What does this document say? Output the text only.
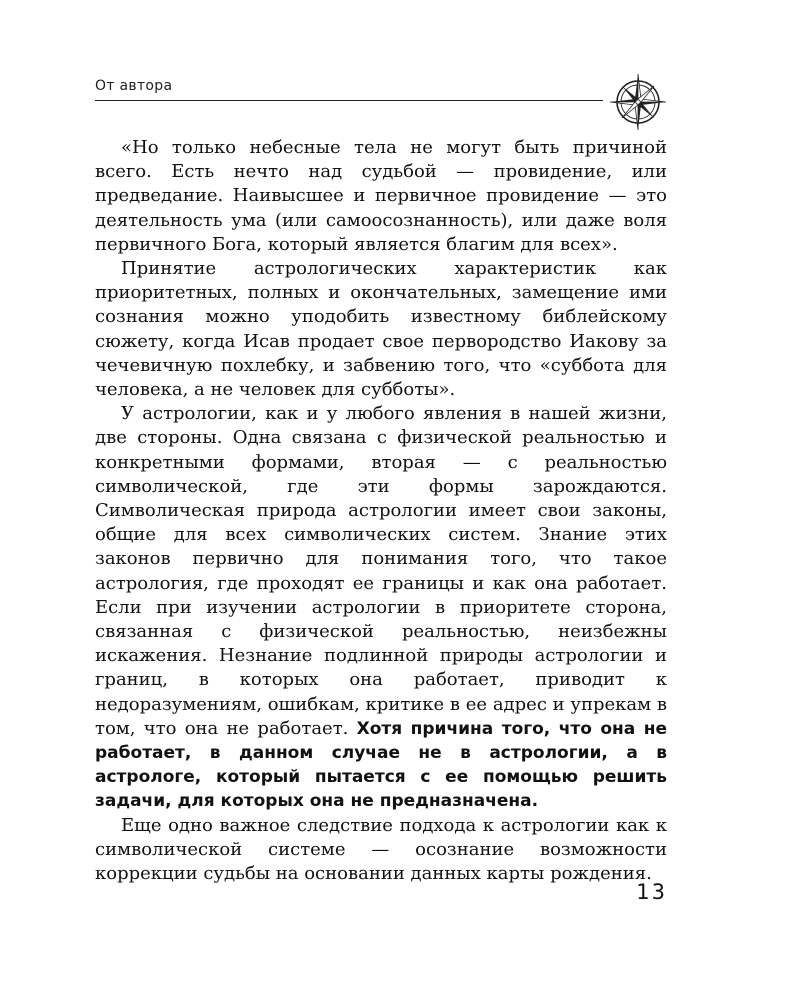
От автора

«Но только небесные тела не могут быть причиной всего. Есть нечто над судьбой — провидение, или предведание. Наивысшее и первичное провидение — это деятельность ума (или самоосознанность), или даже воля первичного Бога, который является благим для всех».

Принятие астрологических характеристик как приоритетных, полных и окончательных, замещение ими сознания можно уподобить известному библейскому сюжету, когда Исав продает свое первородство Иакову за чечевичную похлебку, и забвению того, что «суббота для человека, а не человек для субботы».

У астрологии, как и у любого явления в нашей жизни, две стороны. Одна связана с физической реальностью и конкретными формами, вторая — с реальностью символической, где эти формы зарождаются. Символическая природа астрологии имеет свои законы, общие для всех символических систем. Знание этих законов первично для понимания того, что такое астрология, где проходят ее границы и как она работает. Если при изучении астрологии в приоритете сторона, связанная с физической реальностью, неизбежны искажения. Незнание подлинной природы астрологии и границ, в которых она работает, приводит к недоразумениям, ошибкам, критике в ее адрес и упрекам в том, что она не работает. Хотя причина того, что она не работает, в данном случае не в астрологии, а в астрологе, который пытается с ее помощью решить задачи, для которых она не предназначена.

Еще одно важное следствие подхода к астрологии как к символической системе — осознание возможности коррекции судьбы на основании данных карты рождения.

13
